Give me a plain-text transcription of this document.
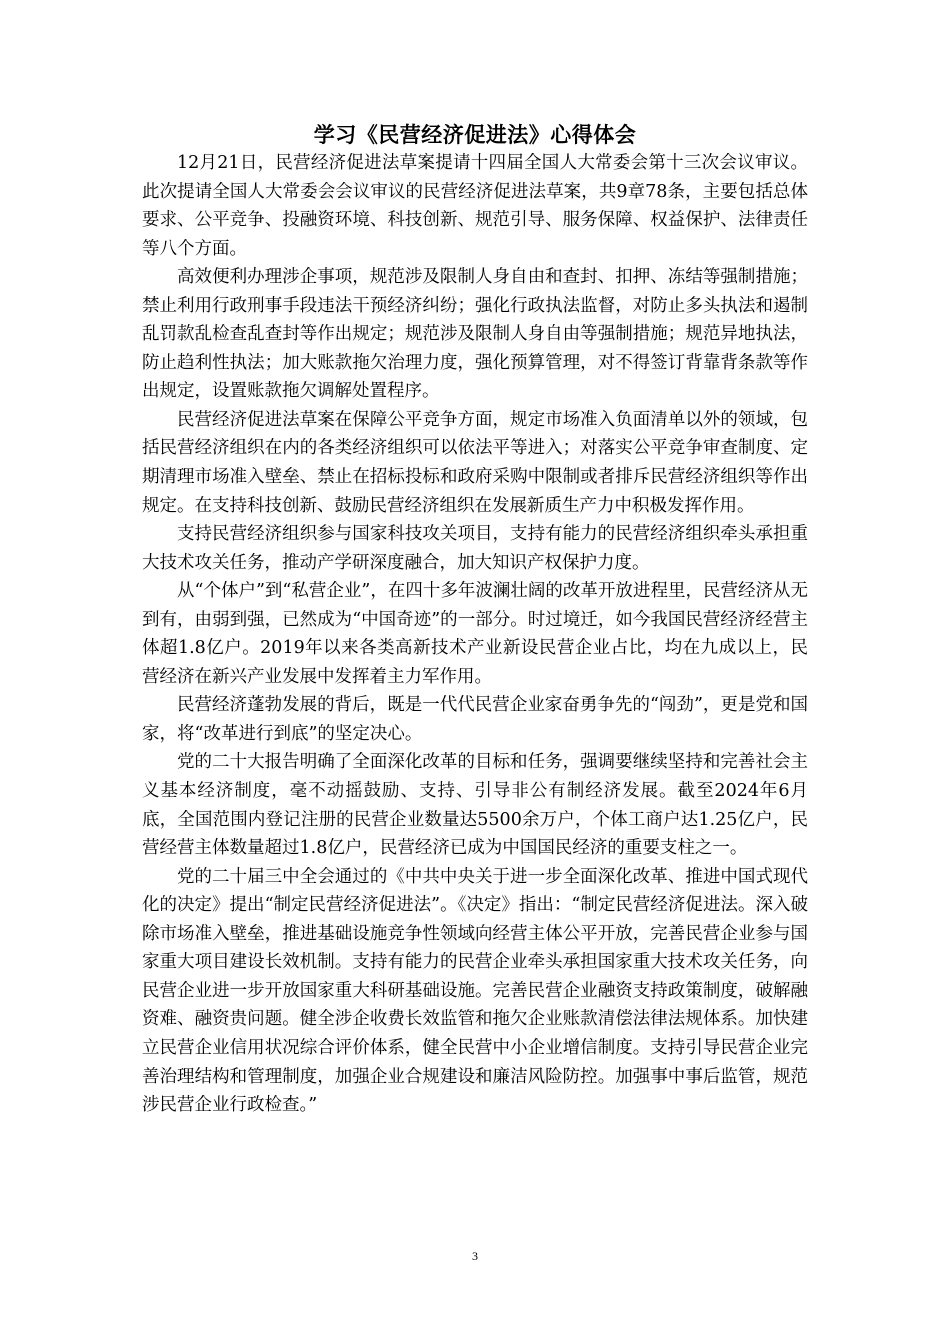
学习《民营经济促进法》心得体会

12月21日，民营经济促进法草案提请十四届全国人大常委会第十三次会议审议。此次提请全国人大常委会会议审议的民营经济促进法草案，共9章78条，主要包括总体要求、公平竞争、投融资环境、科技创新、规范引导、服务保障、权益保护、法律责任等八个方面。

高效便利办理涉企事项，规范涉及限制人身自由和查封、扣押、冻结等强制措施；禁止利用行政刑事手段违法干预经济纠纷；强化行政执法监督，对防止多头执法和遏制乱罚款乱检查乱查封等作出规定；规范涉及限制人身自由等强制措施；规范异地执法，防止趋利性执法；加大账款拖欠治理力度，强化预算管理，对不得签订背靠背条款等作出规定，设置账款拖欠调解处置程序。

民营经济促进法草案在保障公平竞争方面，规定市场准入负面清单以外的领域，包括民营经济组织在内的各类经济组织可以依法平等进入；对落实公平竞争审查制度、定期清理市场准入壁垒、禁止在招标投标和政府采购中限制或者排斥民营经济组织等作出规定。在支持科技创新、鼓励民营经济组织在发展新质生产力中积极发挥作用。

支持民营经济组织参与国家科技攻关项目，支持有能力的民营经济组织牵头承担重大技术攻关任务，推动产学研深度融合，加大知识产权保护力度。

从“个体户”到“私营企业”，在四十多年波澜壮阔的改革开放进程里，民营经济从无到有，由弱到强，已然成为“中国奇迹”的一部分。时过境迁，如今我国民营经济经营主体超1.8亿户。2019年以来各类高新技术产业新设民营企业占比，均在九成以上，民营经济在新兴产业发展中发挥着主力军作用。

民营经济蓬勃发展的背后，既是一代代民营企业家奋勇争先的“闯劲”，更是党和国家，将“改革进行到底”的坚定决心。

党的二十大报告明确了全面深化改革的目标和任务，强调要继续坚持和完善社会主义基本经济制度，毫不动摇鼓励、支持、引导非公有制经济发展。截至2024年6月底，全国范围内登记注册的民营企业数量达5500余万户，个体工商户达1.25亿户，民营经营主体数量超过1.8亿户，民营经济已成为中国国民经济的重要支柱之一。

党的二十届三中全会通过的《中共中央关于进一步全面深化改革、推进中国式现代化的决定》提出“制定民营经济促进法”。《决定》指出：“制定民营经济促进法。深入破除市场准入壁垒，推进基础设施竞争性领域向经营主体公平开放，完善民营企业参与国家重大项目建设长效机制。支持有能力的民营企业牵头承担国家重大技术攻关任务，向民营企业进一步开放国家重大科研基础设施。完善民营企业融资支持政策制度，破解融资难、融资贵问题。健全涉企收费长效监管和拖欠企业账款清偿法律法规体系。加快建立民营企业信用状况综合评价体系，健全民营中小企业增信制度。支持引导民营企业完善治理结构和管理制度，加强企业合规建设和廉洁风险防控。加强事中事后监管，规范涉民营企业行政检查。”

3
